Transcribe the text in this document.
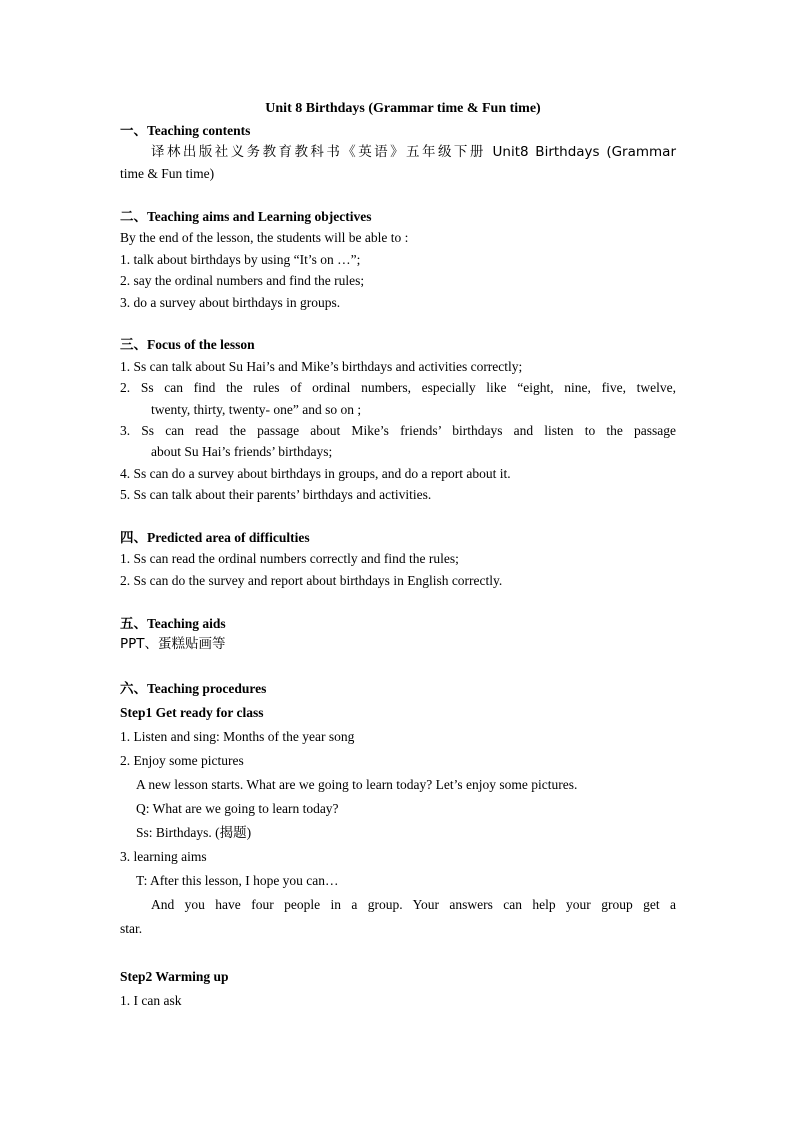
Unit 8 Birthdays (Grammar time & Fun time)

一、Teaching contents

译林出版社义务教育教科书《英语》五年级下册 Unit8 Birthdays (Grammar

time & Fun time)

二、Teaching aims and Learning objectives

By the end of the lesson, the students will be able to :

1. talk about birthdays by using “It’s on …”;

2. say the ordinal numbers and find the rules;

3. do a survey about birthdays in groups.

三、Focus of the lesson

1. Ss can talk about Su Hai’s and Mike’s birthdays and activities correctly;

2. Ss can find the rules of ordinal numbers, especially like “eight, nine, five, twelve,

twenty, thirty, twenty- one” and so on ;

3. Ss can read the passage about Mike’s friends’ birthdays and listen to the passage

about Su Hai’s friends’ birthdays;

4. Ss can do a survey about birthdays in groups, and do a report about it.

5. Ss can talk about their parents’ birthdays and activities.

四、Predicted area of difficulties

1. Ss can read the ordinal numbers correctly and find the rules;

2. Ss can do the survey and report about birthdays in English correctly.

五、Teaching aids

PPT、蛋糕贴画等

六、Teaching procedures

Step1 Get ready for class

1. Listen and sing: Months of the year song

2. Enjoy some pictures

A new lesson starts. What are we going to learn today? Let’s enjoy some pictures.

Q: What are we going to learn today?

Ss: Birthdays. (揭题)

3. learning aims

T: After this lesson, I hope you can…

And you have four people in a group. Your answers can help your group get a

star.

Step2 Warming up

1. I can ask
